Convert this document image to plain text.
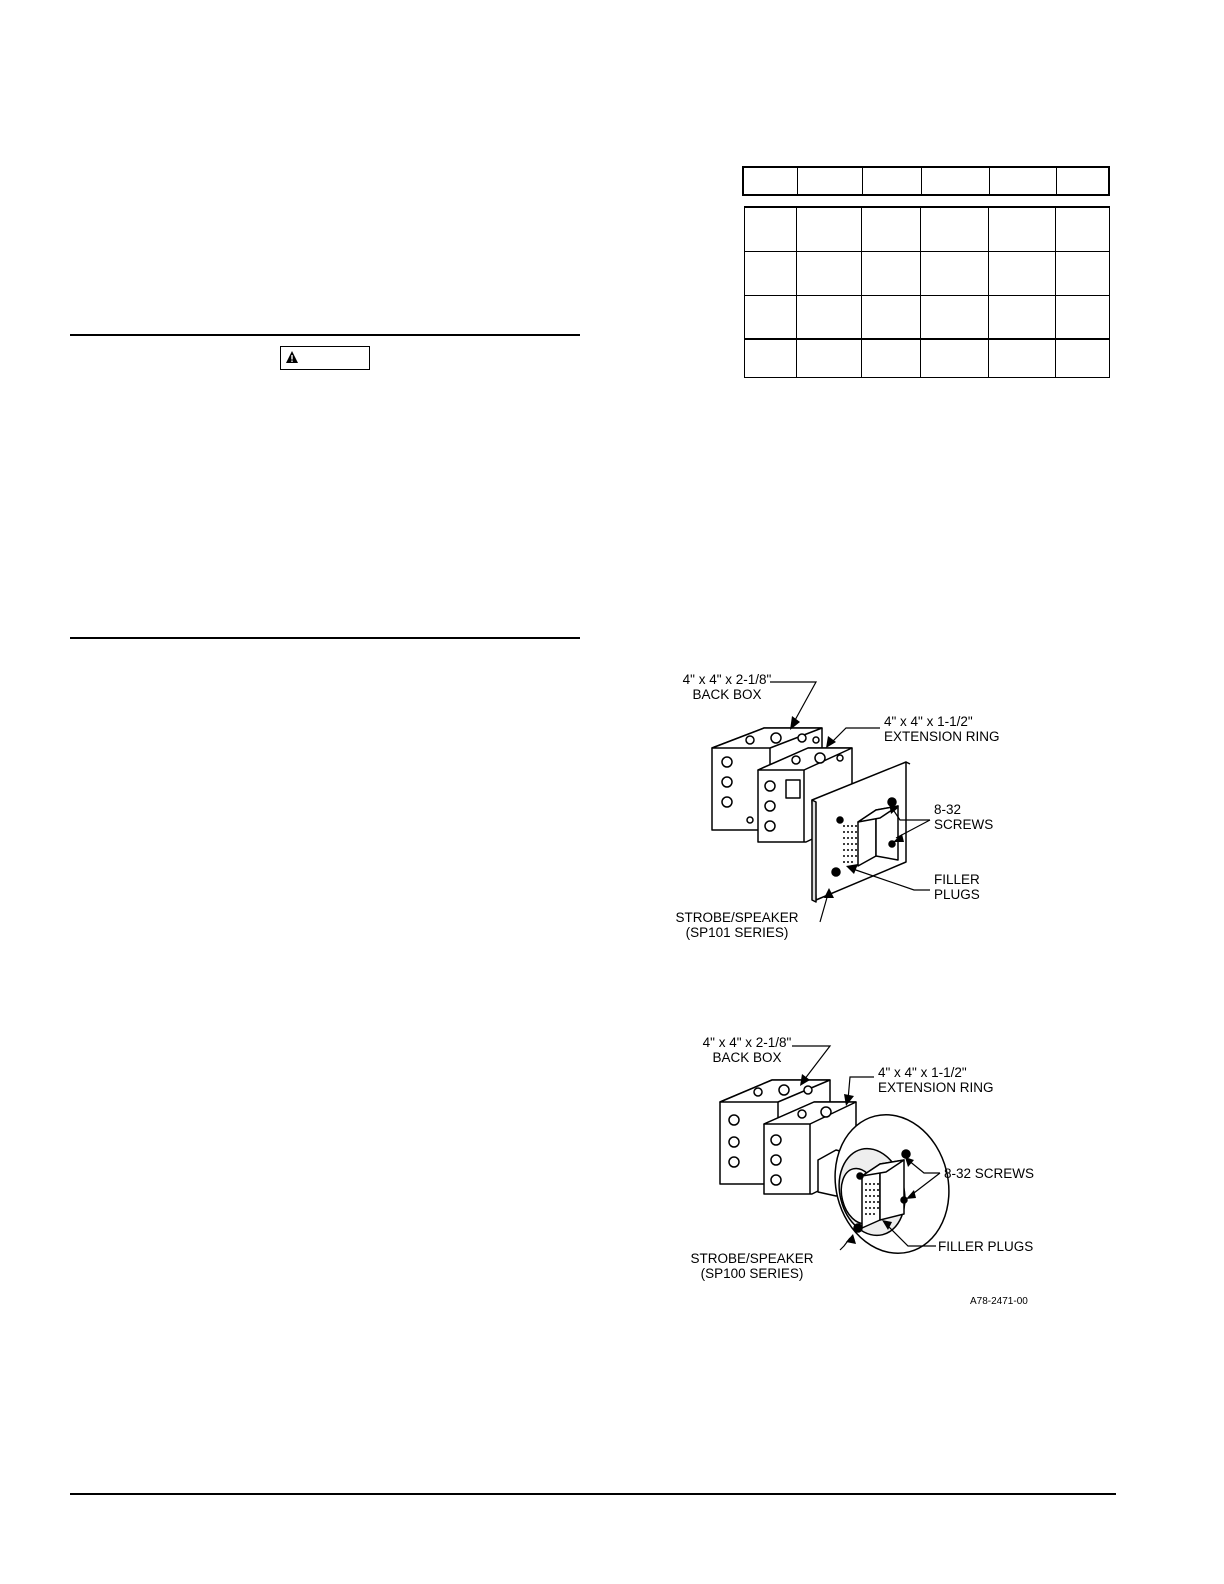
4" x 4" x 2-1/8"
BACK BOX
4" x 4" x 1-1/2"
EXTENSION RING
8-32
SCREWS
FILLER
PLUGS
STROBE/SPEAKER
(SP101 SERIES)
4" x 4" x 2-1/8"
BACK BOX
4" x 4" x 1-1/2"
EXTENSION RING
8-32 SCREWS
FILLER PLUGS
STROBE/SPEAKER
(SP100 SERIES)
A78-2471-00
